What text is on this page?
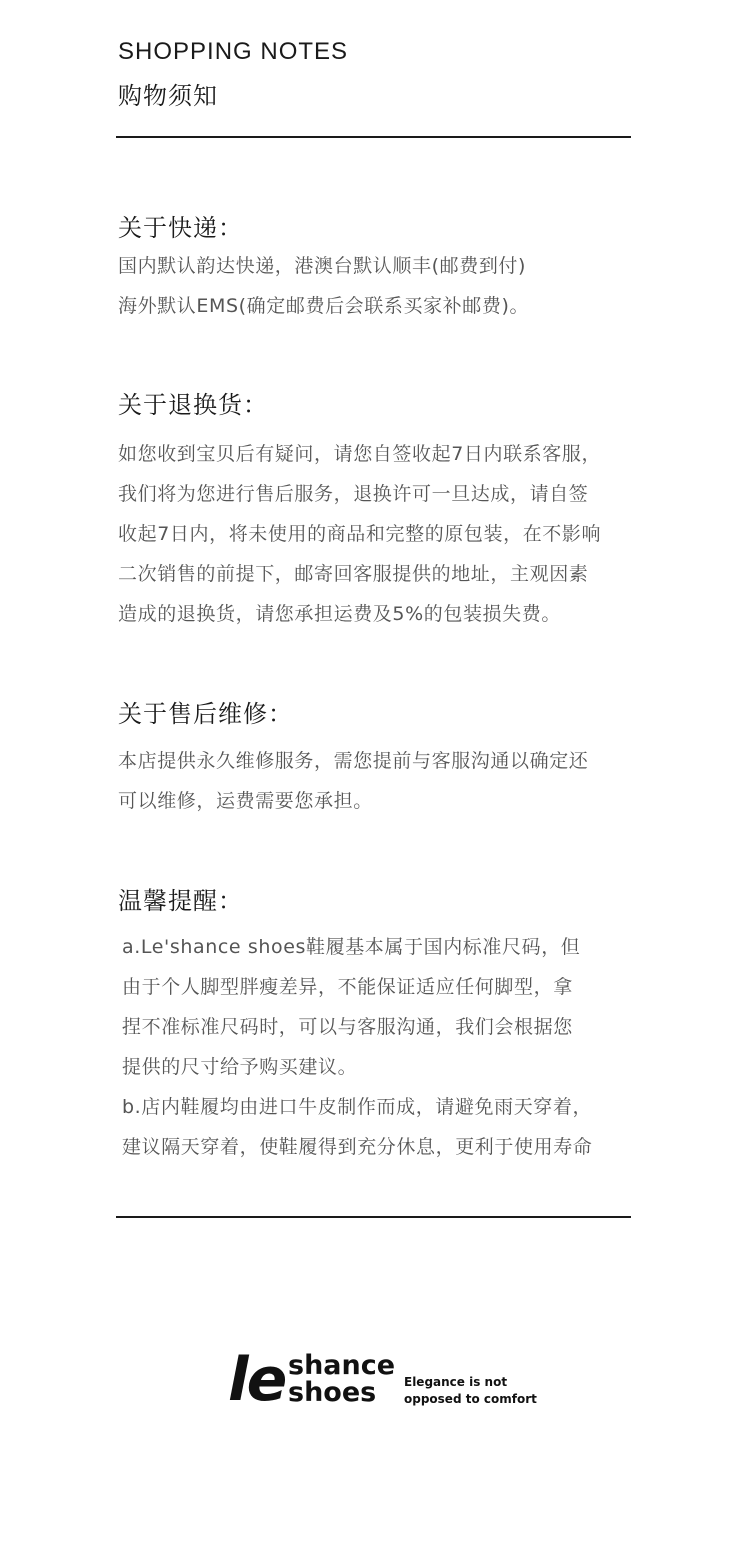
SHOPPING NOTES
购物须知
关于快递：
国内默认韵达快递，港澳台默认顺丰(邮费到付)
海外默认EMS(确定邮费后会联系买家补邮费)。
关于退换货：
如您收到宝贝后有疑问，请您自签收起7日内联系客服，
我们将为您进行售后服务，退换许可一旦达成，请自签
收起7日内，将未使用的商品和完整的原包装，在不影响
二次销售的前提下，邮寄回客服提供的地址，主观因素
造成的退换货，请您承担运费及5%的包装损失费。
关于售后维修：
本店提供永久维修服务，需您提前与客服沟通以确定还
可以维修，运费需要您承担。
温馨提醒：
a.Le'shance shoes鞋履基本属于国内标准尺码，但
由于个人脚型胖瘦差异，不能保证适应任何脚型，拿
捏不准标准尺码时，可以与客服沟通，我们会根据您
提供的尺寸给予购买建议。
b.店内鞋履均由进口牛皮制作而成，请避免雨天穿着，
建议隔天穿着，使鞋履得到充分休息，更利于使用寿命
le shance
shoes	Elegance is not
opposed to comfort
